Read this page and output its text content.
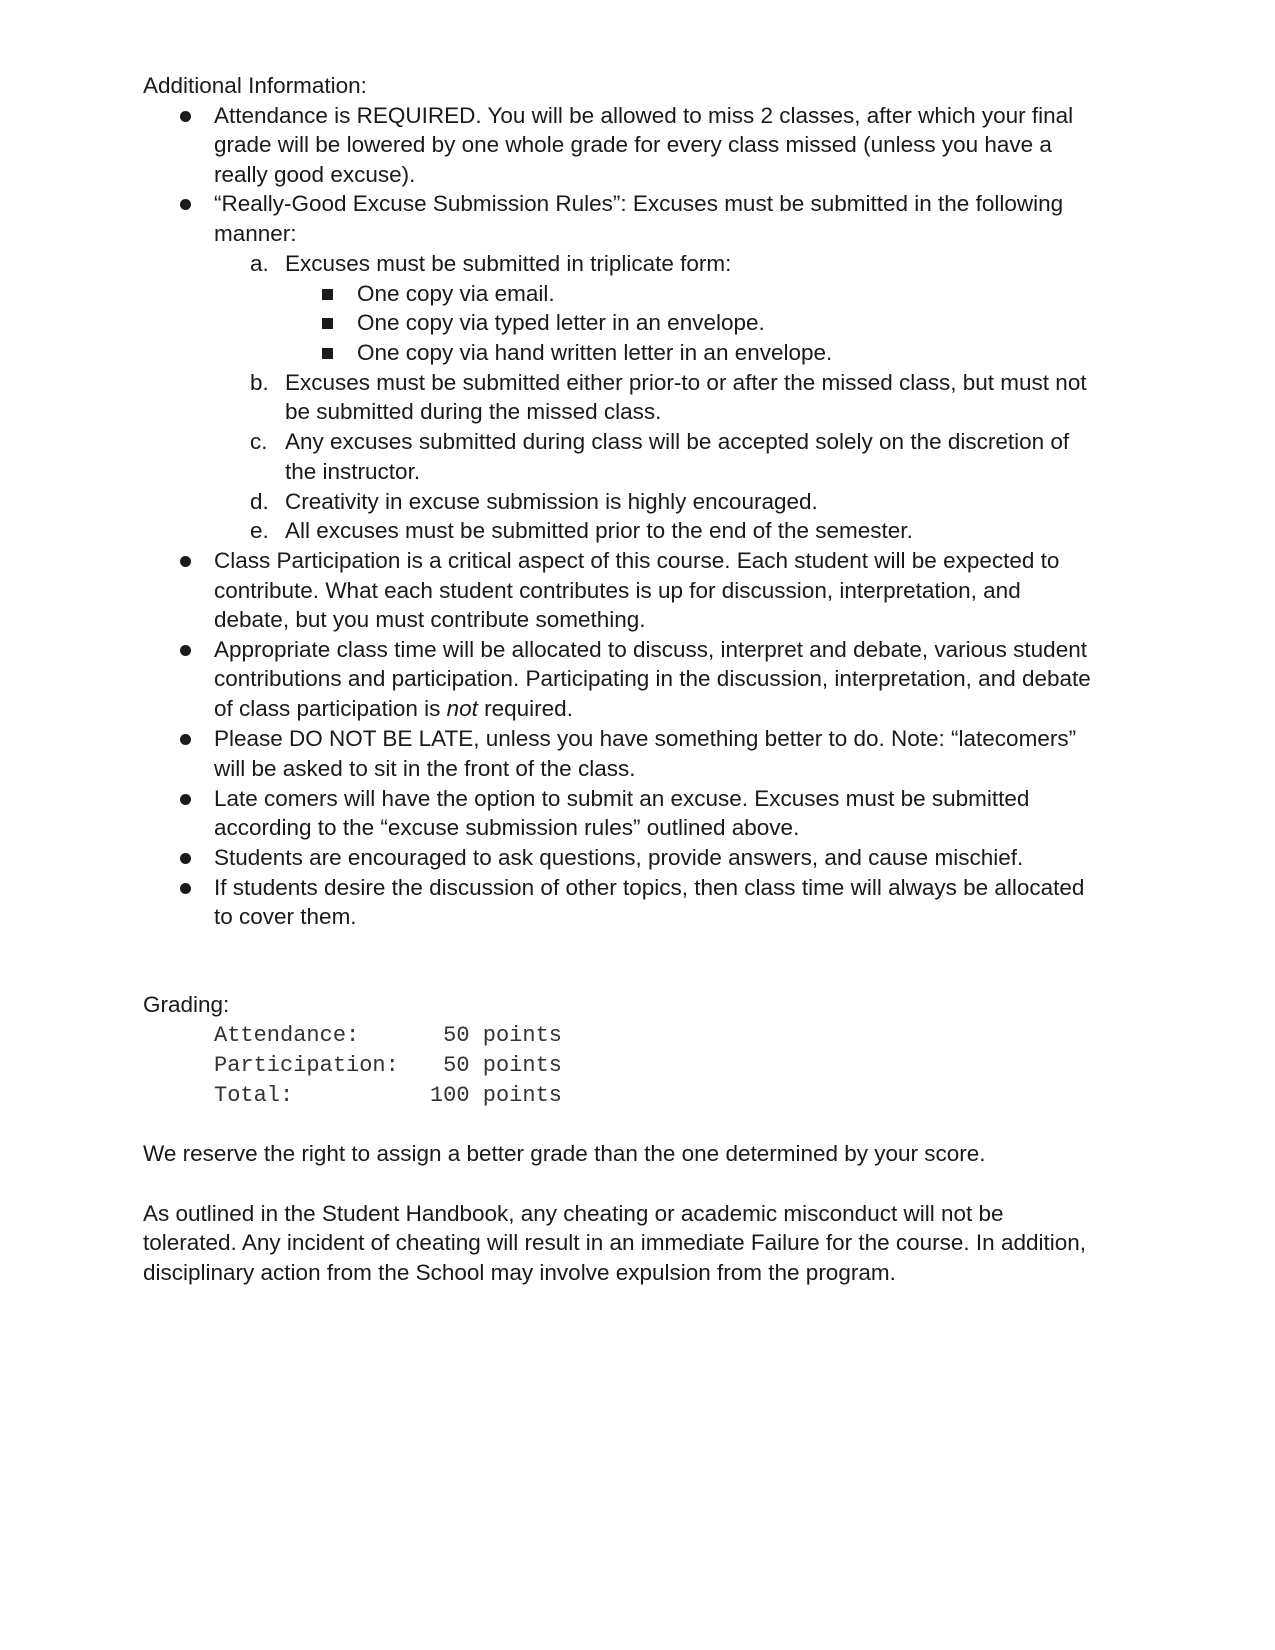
Additional Information:
Attendance is REQUIRED. You will be allowed to miss 2 classes, after which your final
grade will be lowered by one whole grade for every class missed (unless you have a
really good excuse).
“Really-Good Excuse Submission Rules”: Excuses must be submitted in the following
manner:
a. Excuses must be submitted in triplicate form:
One copy via email.
One copy via typed letter in an envelope.
One copy via hand written letter in an envelope.
b. Excuses must be submitted either prior-to or after the missed class, but must not
be submitted during the missed class.
c. Any excuses submitted during class will be accepted solely on the discretion of
the instructor.
d. Creativity in excuse submission is highly encouraged.
e. All excuses must be submitted prior to the end of the semester.
Class Participation is a critical aspect of this course. Each student will be expected to
contribute. What each student contributes is up for discussion, interpretation, and
debate, but you must contribute something.
Appropriate class time will be allocated to discuss, interpret and debate, various student
contributions and participation. Participating in the discussion, interpretation, and debate
of class participation is not required.
Please DO NOT BE LATE, unless you have something better to do. Note: “latecomers”
will be asked to sit in the front of the class.
Late comers will have the option to submit an excuse. Excuses must be submitted
according to the “excuse submission rules” outlined above.
Students are encouraged to ask questions, provide answers, and cause mischief.
If students desire the discussion of other topics, then class time will always be allocated
to cover them.
Grading:
Attendance:
Participation:
Total:
50 points
50 points
100 points
We reserve the right to assign a better grade than the one determined by your score.
As outlined in the Student Handbook, any cheating or academic misconduct will not be
tolerated. Any incident of cheating will result in an immediate Failure for the course. In addition,
disciplinary action from the School may involve expulsion from the program.
